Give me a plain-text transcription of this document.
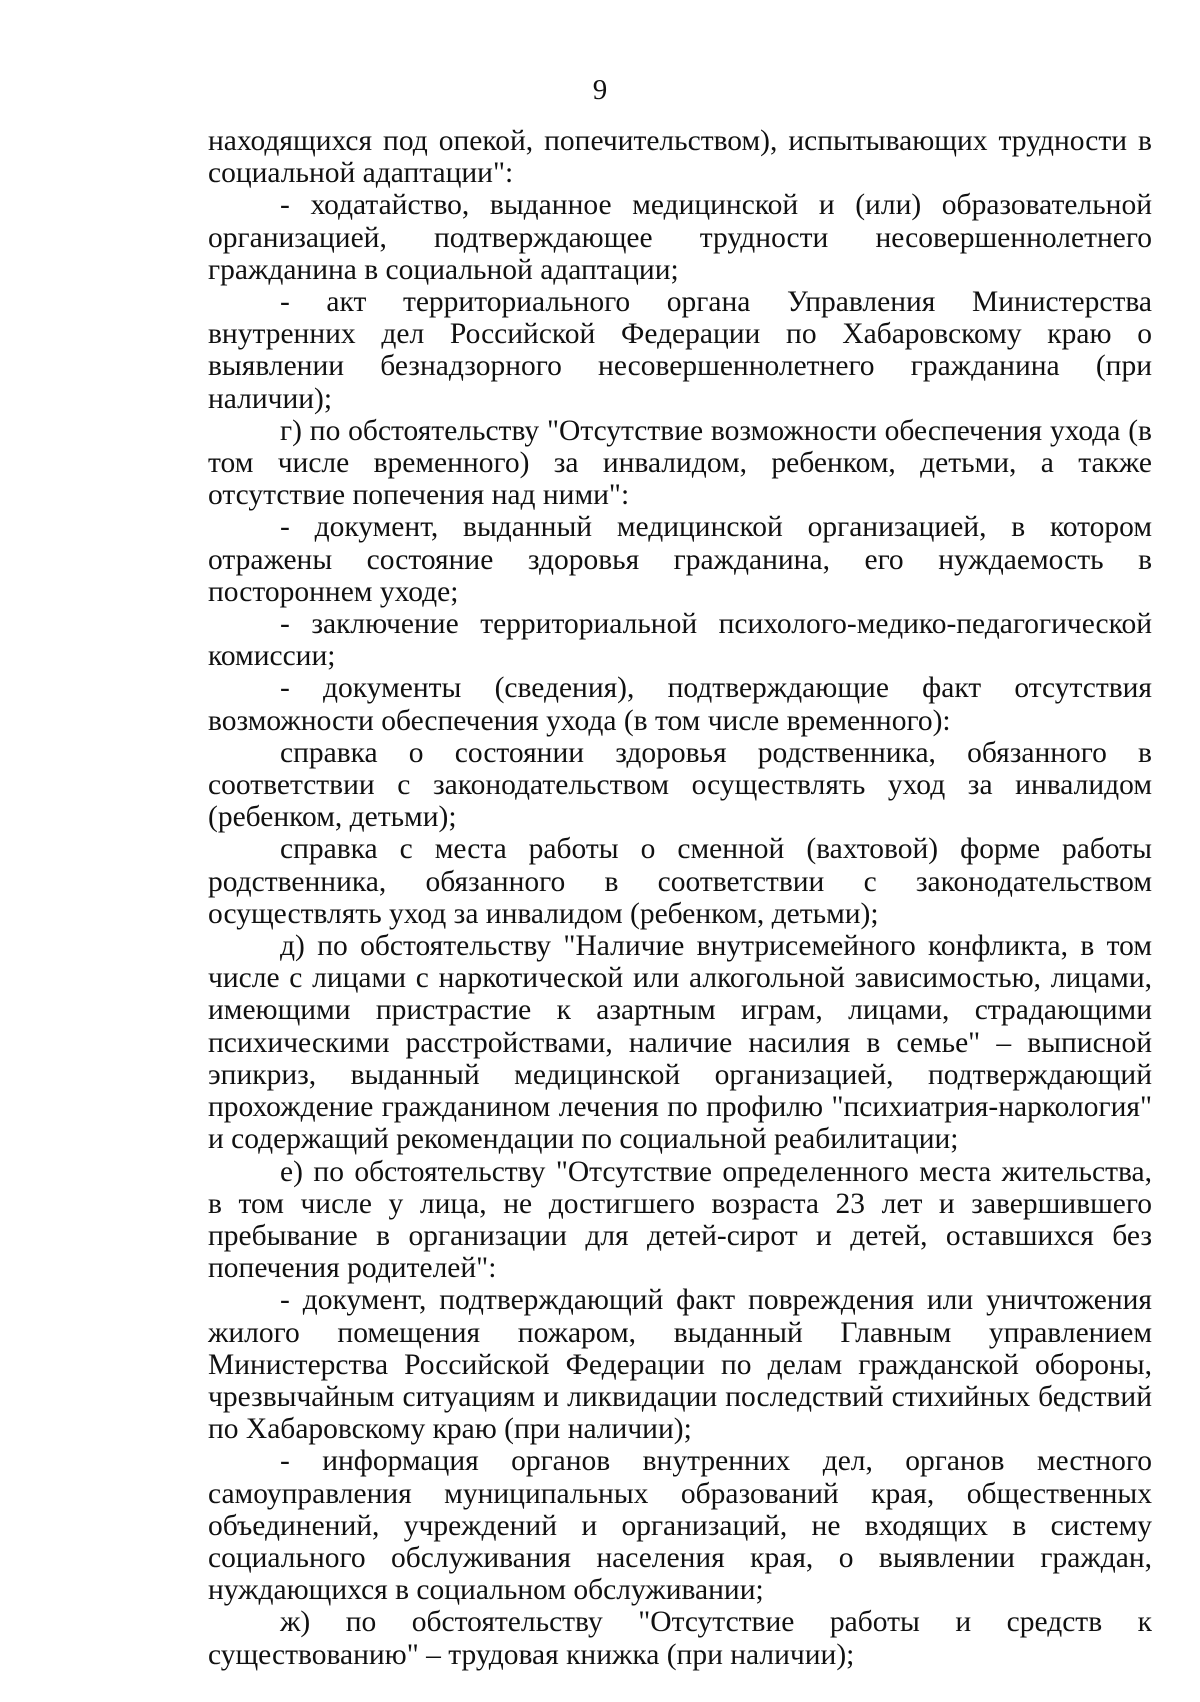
9

находящихся под опекой, попечительством), испытывающих трудности в социальной адаптации":

- ходатайство, выданное медицинской и (или) образовательной организацией, подтверждающее трудности несовершеннолетнего гражданина в социальной адаптации;

- акт территориального органа Управления Министерства внутренних дел Российской Федерации по Хабаровскому краю о выявлении безнадзорного несовершеннолетнего гражданина (при наличии);

г) по обстоятельству "Отсутствие возможности обеспечения ухода (в том числе временного) за инвалидом, ребенком, детьми, а также отсутствие попечения над ними":

- документ, выданный медицинской организацией, в котором отражены состояние здоровья гражданина, его нуждаемость в постороннем уходе;

- заключение территориальной психолого-медико-педагогической комиссии;

- документы (сведения), подтверждающие факт отсутствия возможности обеспечения ухода (в том числе временного):

справка о состоянии здоровья родственника, обязанного в соответствии с законодательством осуществлять уход за инвалидом (ребенком, детьми);

справка с места работы о сменной (вахтовой) форме работы родственника, обязанного в соответствии с законодательством осуществлять уход за инвалидом (ребенком, детьми);

д) по обстоятельству "Наличие внутрисемейного конфликта, в том числе с лицами с наркотической или алкогольной зависимостью, лицами, имеющими пристрастие к азартным играм, лицами, страдающими психическими расстройствами, наличие насилия в семье" – выписной эпикриз, выданный медицинской организацией, подтверждающий прохождение гражданином лечения по профилю "психиатрия-наркология" и содержащий рекомендации по социальной реабилитации;

е) по обстоятельству "Отсутствие определенного места жительства, в том числе у лица, не достигшего возраста 23 лет и завершившего пребывание в организации для детей-сирот и детей, оставшихся без попечения родителей":

- документ, подтверждающий факт повреждения или уничтожения жилого помещения пожаром, выданный Главным управлением Министерства Российской Федерации по делам гражданской обороны, чрезвычайным ситуациям и ликвидации последствий стихийных бедствий по Хабаровскому краю (при наличии);

- информация органов внутренних дел, органов местного самоуправления муниципальных образований края, общественных объединений, учреждений и организаций, не входящих в систему социального обслуживания населения края, о выявлении граждан, нуждающихся в социальном обслуживании;

ж) по обстоятельству "Отсутствие работы и средств к существованию" – трудовая книжка (при наличии);
